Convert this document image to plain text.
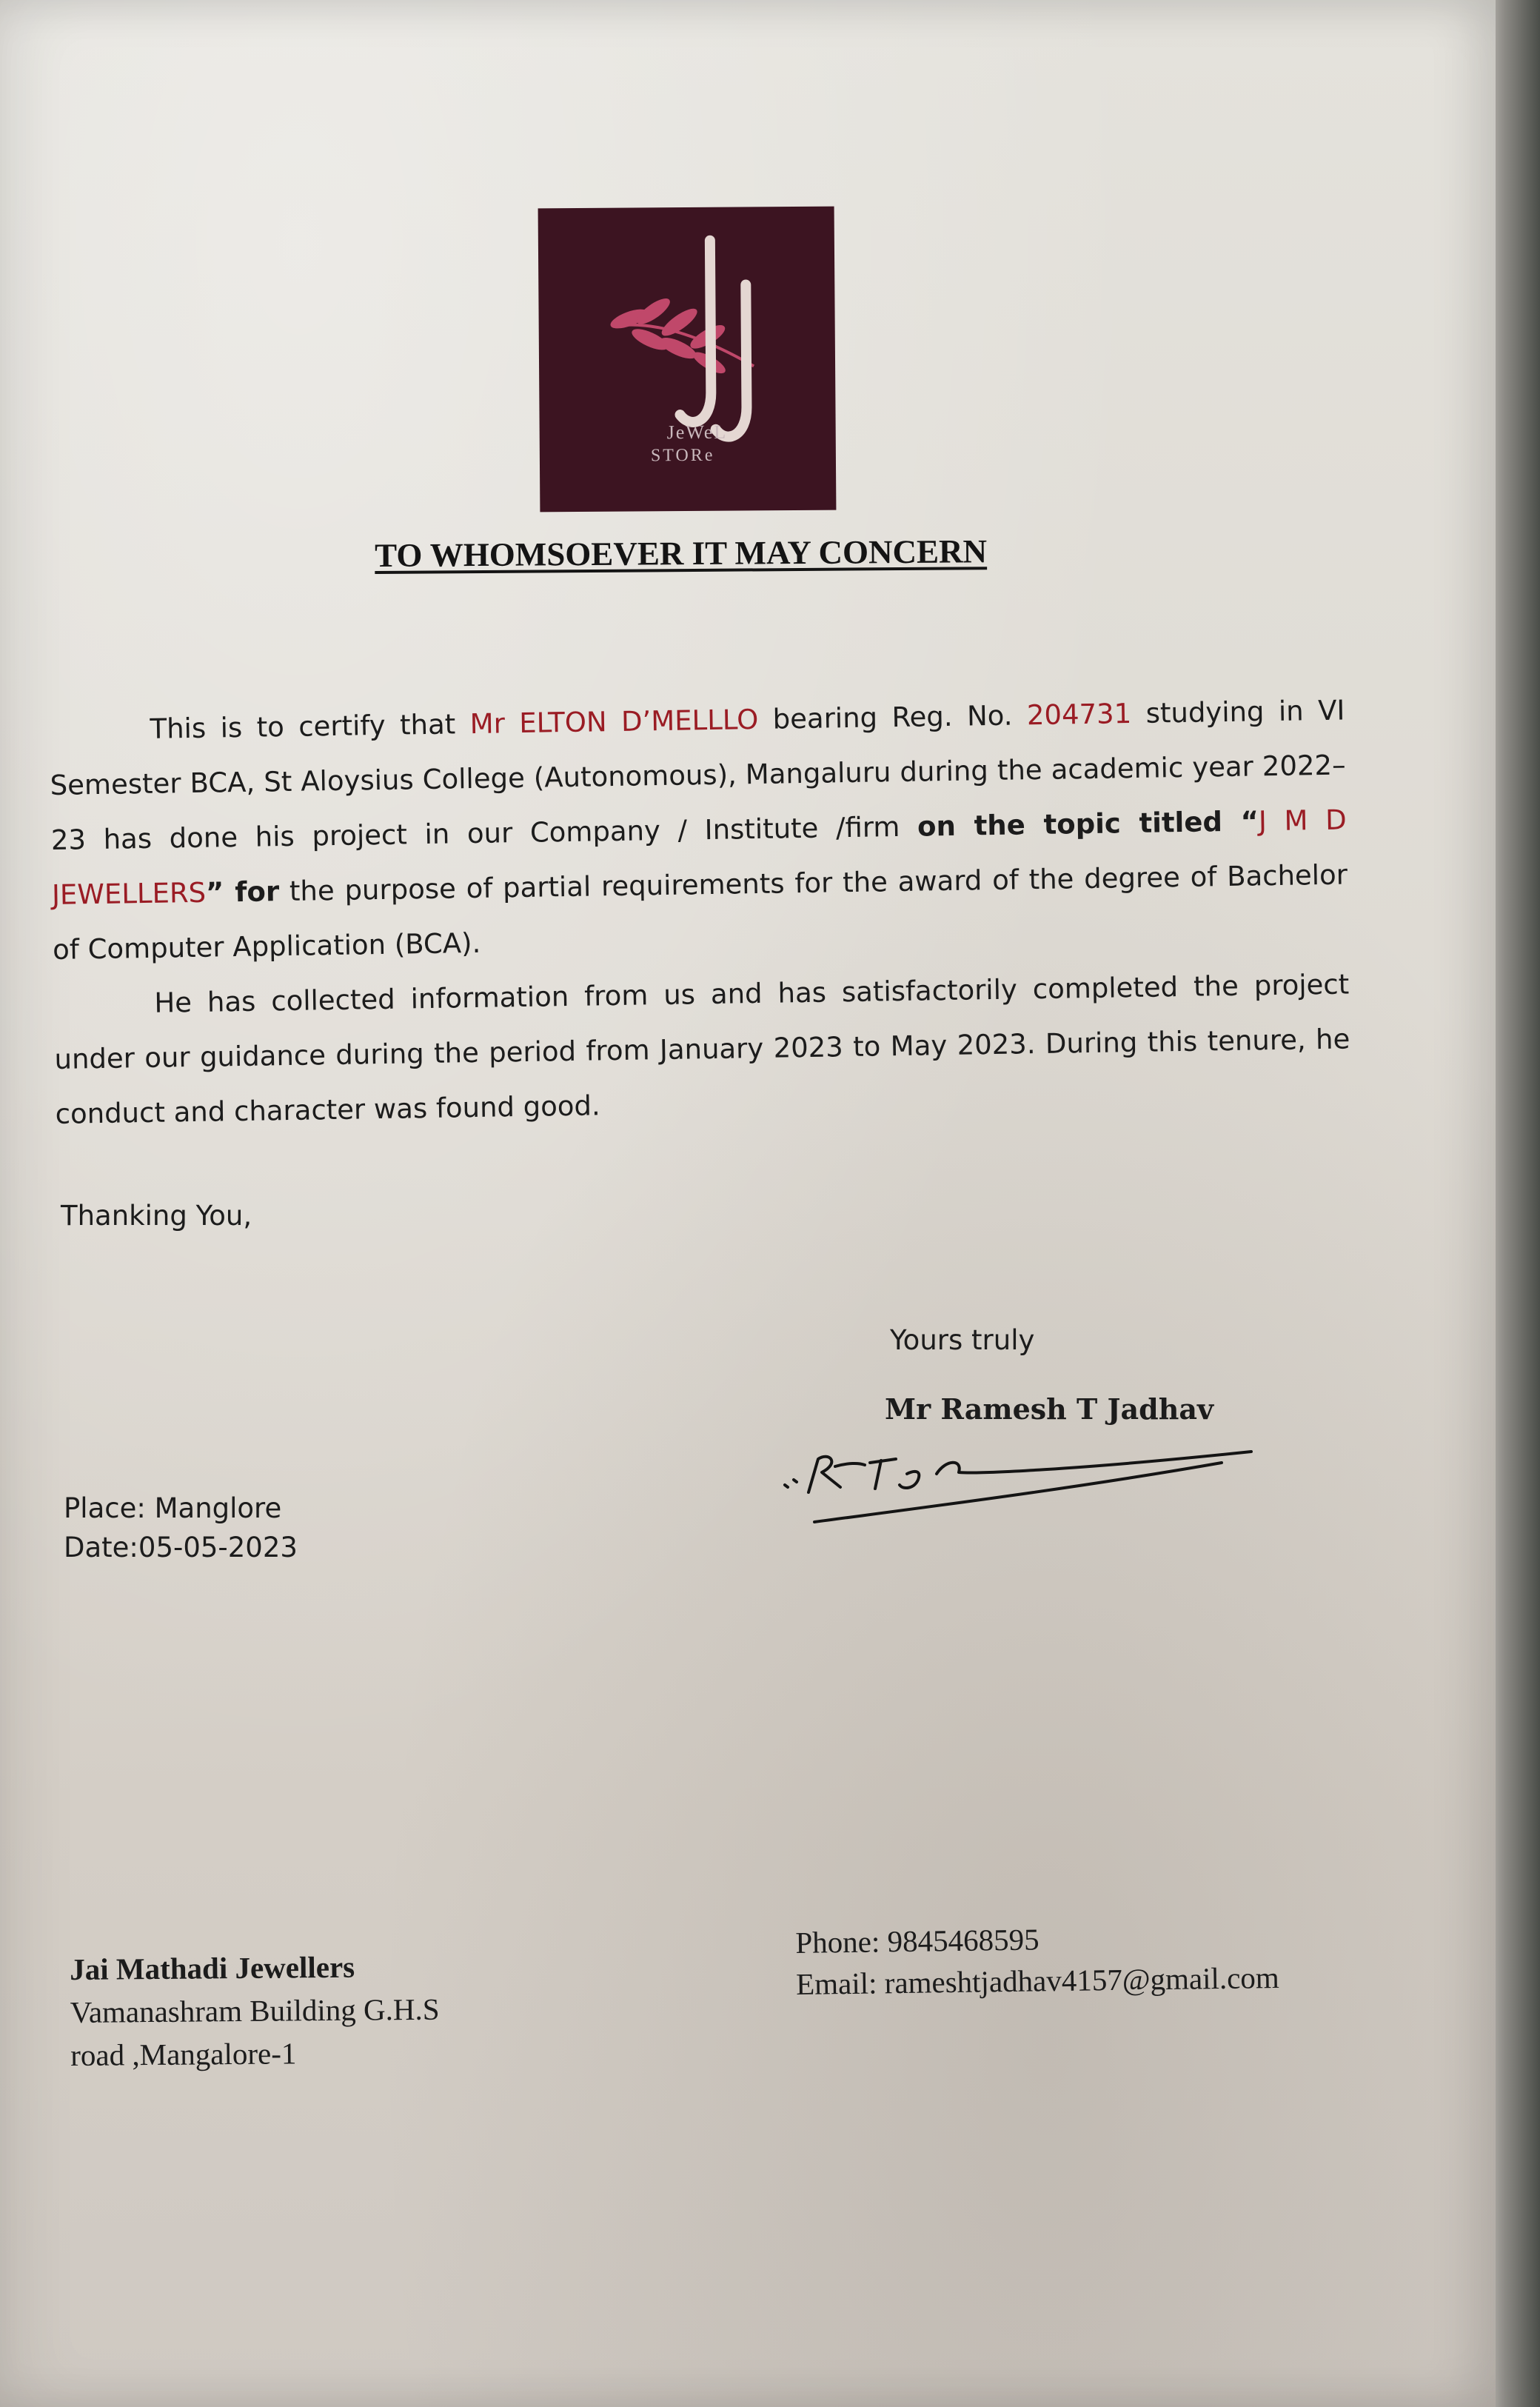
JeWeL
STORe
TO WHOMSOEVER IT MAY CONCERN

This is to certify that Mr ELTON D’MELLLO bearing Reg. No. 204731 studying in VI Semester BCA, St Aloysius College (Autonomous), Mangaluru during the academic year 2022– 23 has done his project in our Company / Institute /firm on the topic titled “J M D JEWELLERS” for the purpose of partial requirements for the award of the degree of Bachelor of Computer Application (BCA).

He has collected information from us and has satisfactorily completed the project under our guidance during the period from January 2023 to May 2023. During this tenure, he conduct and character was found good.

Thanking You,
Yours truly
Mr Ramesh T Jadhav
Place: Manglore
Date:05-05-2023
Jai Mathadi Jewellers
Vamanashram Building G.H.S
road ,Mangalore-1
Phone: 9845468595
Email: rameshtjadhav4157@gmail.com
